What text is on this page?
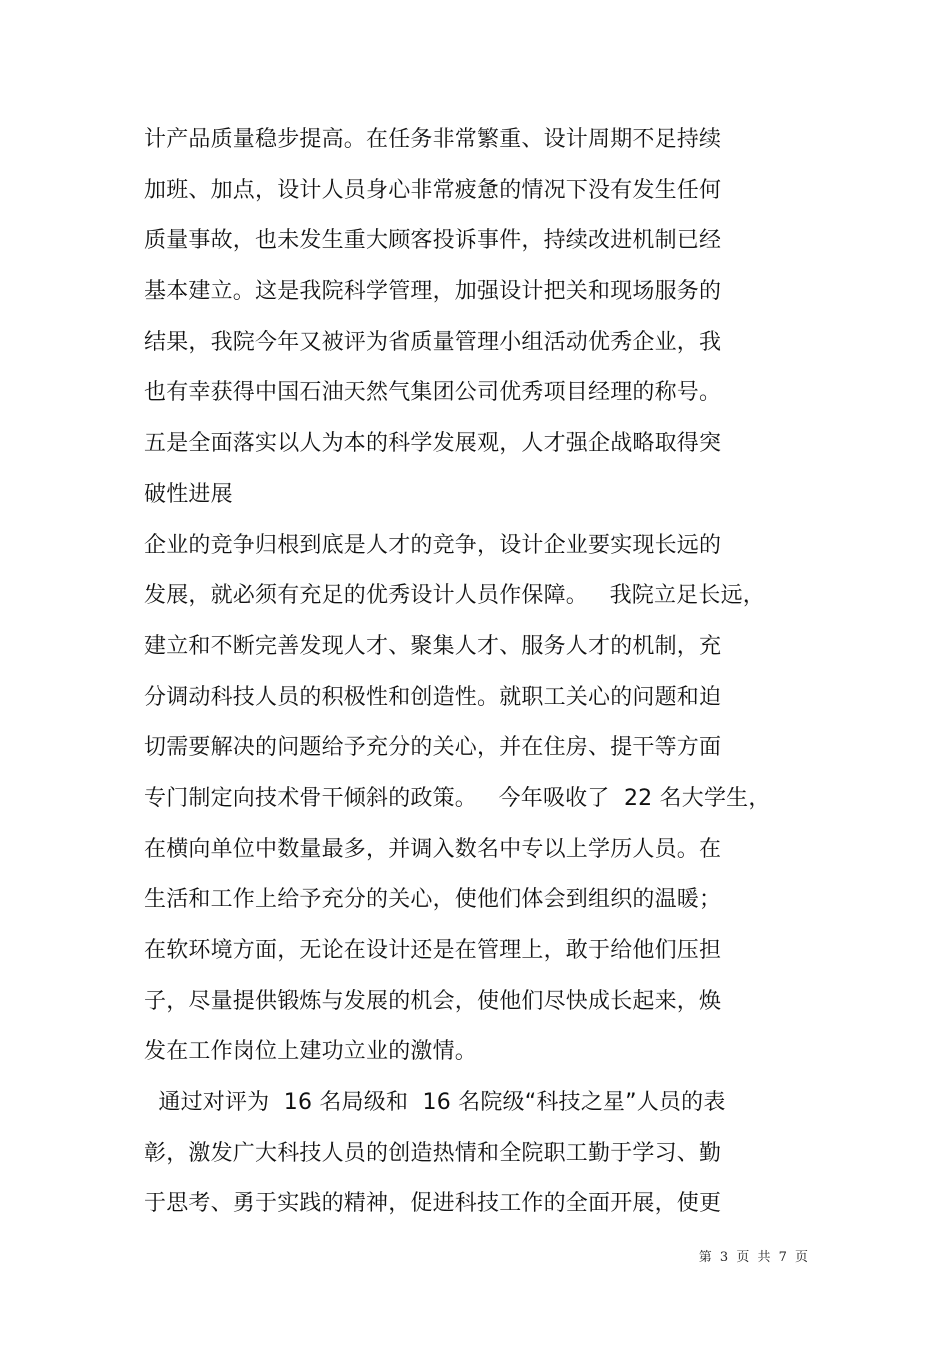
计产品质量稳步提高。在任务非常繁重、设计周期不足持续
加班、加点，设计人员身心非常疲惫的情况下没有发生任何
质量事故，也未发生重大顾客投诉事件，持续改进机制已经
基本建立。这是我院科学管理，加强设计把关和现场服务的
结果，我院今年又被评为省质量管理小组活动优秀企业，我
也有幸获得中国石油天然气集团公司优秀项目经理的称号。
五是全面落实以人为本的科学发展观，人才强企战略取得突
破性进展
企业的竞争归根到底是人才的竞争，设计企业要实现长远的
发展，就必须有充足的优秀设计人员作保障。   我院立足长远，
建立和不断完善发现人才、聚集人才、服务人才的机制，充
分调动科技人员的积极性和创造性。就职工关心的问题和迫
切需要解决的问题给予充分的关心，并在住房、提干等方面
专门制定向技术骨干倾斜的政策。   今年吸收了  22 名大学生，
在横向单位中数量最多，并调入数名中专以上学历人员。在
生活和工作上给予充分的关心，使他们体会到组织的温暖；
在软环境方面，无论在设计还是在管理上，敢于给他们压担
子，尽量提供锻炼与发展的机会，使他们尽快成长起来，焕
发在工作岗位上建功立业的激情。
通过对评为  16 名局级和  16 名院级“科技之星”人员的表
彰，激发广大科技人员的创造热情和全院职工勤于学习、勤
于思考、勇于实践的精神，促进科技工作的全面开展，使更
第 3 页 共 7 页
